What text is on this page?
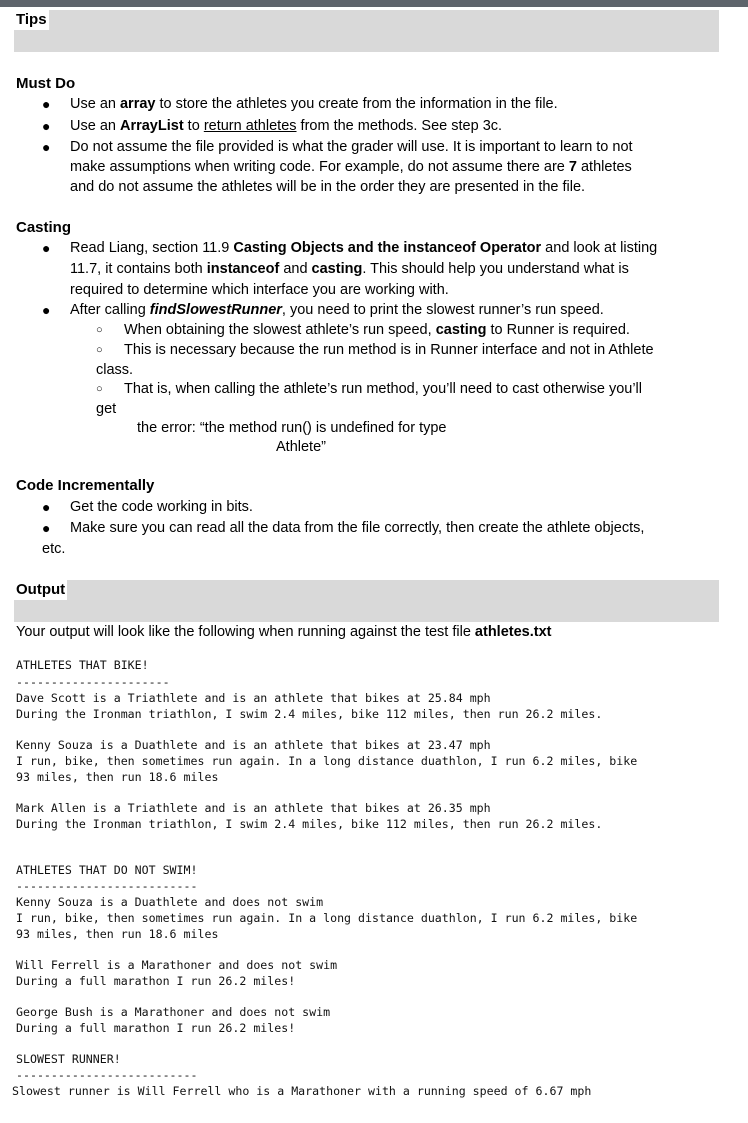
Tips
Must Do
● Use an array to store the athletes you create from the information in the file.
● Use an ArrayList to return athletes from the methods. See step 3c.
● Do not assume the file provided is what the grader will use. It is important to learn to not
make assumptions when writing code. For example, do not assume there are 7 athletes
and do not assume the athletes will be in the order they are presented in the file.
Casting
● Read Liang, section 11.9 Casting Objects and the instanceof Operator and look at listing
11.7, it contains both instanceof and casting. This should help you understand what is
required to determine which interface you are working with.
● After calling findSlowestRunner, you need to print the slowest runner’s run speed.
○ When obtaining the slowest athlete’s run speed, casting to Runner is required.
○ This is necessary because the run method is in Runner interface and not in Athlete
class.
○ That is, when calling the athlete’s run method, you’ll need to cast otherwise you’ll
get
the error: “the method run() is undefined for type
Athlete”
Code Incrementally
● Get the code working in bits.
● Make sure you can read all the data from the file correctly, then create the athlete objects,
etc.
Output
Your output will look like the following when running against the test file athletes.txt
ATHLETES THAT BIKE!
----------------------
Dave Scott is a Triathlete and is an athlete that bikes at 25.84 mph
During the Ironman triathlon, I swim 2.4 miles, bike 112 miles, then run 26.2 miles.
Kenny Souza is a Duathlete and is an athlete that bikes at 23.47 mph
I run, bike, then sometimes run again. In a long distance duathlon, I run 6.2 miles, bike
93 miles, then run 18.6 miles
Mark Allen is a Triathlete and is an athlete that bikes at 26.35 mph
During the Ironman triathlon, I swim 2.4 miles, bike 112 miles, then run 26.2 miles.
ATHLETES THAT DO NOT SWIM!
--------------------------
Kenny Souza is a Duathlete and does not swim
I run, bike, then sometimes run again. In a long distance duathlon, I run 6.2 miles, bike
93 miles, then run 18.6 miles
Will Ferrell is a Marathoner and does not swim
During a full marathon I run 26.2 miles!
George Bush is a Marathoner and does not swim
During a full marathon I run 26.2 miles!
SLOWEST RUNNER!
--------------------------
Slowest runner is Will Ferrell who is a Marathoner with a running speed of 6.67 mph
